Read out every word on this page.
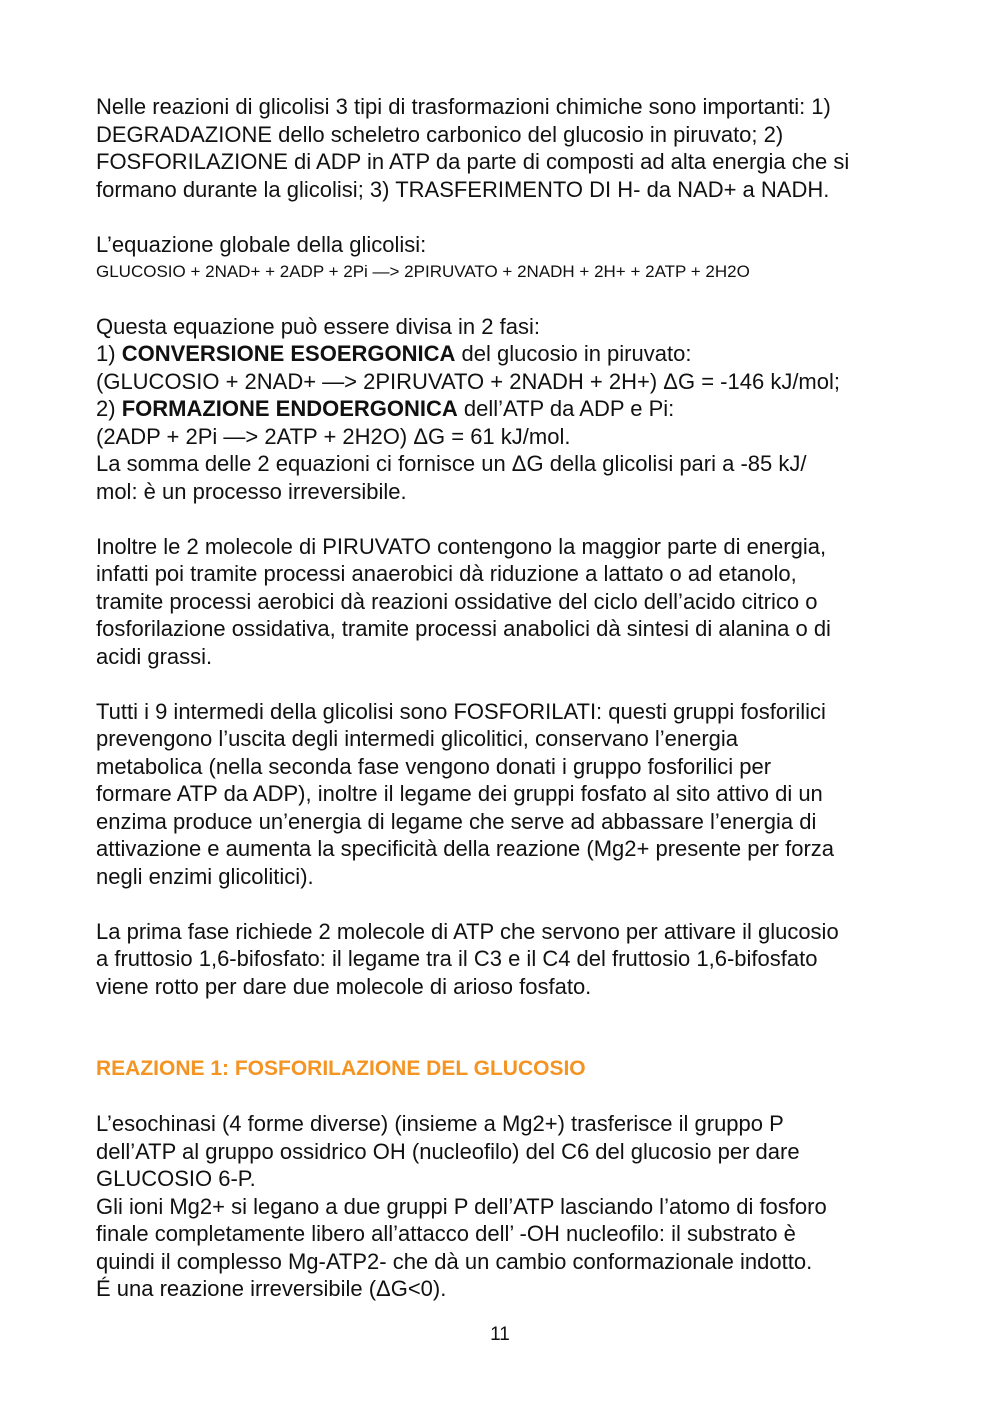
Nelle reazioni di glicolisi 3 tipi di trasformazioni chimiche sono importanti: 1)

DEGRADAZIONE dello scheletro carbonico del glucosio in piruvato; 2)

FOSFORILAZIONE di ADP in ATP da parte di composti ad alta energia che si

formano durante la glicolisi; 3) TRASFERIMENTO DI H- da NAD+ a NADH.

L’equazione globale della glicolisi:

GLUCOSIO + 2NAD+ + 2ADP + 2Pi —> 2PIRUVATO + 2NADH + 2H+ + 2ATP + 2H2O

Questa equazione può essere divisa in 2 fasi:

1) CONVERSIONE ESOERGONICA del glucosio in piruvato:

(GLUCOSIO + 2NAD+ —> 2PIRUVATO + 2NADH + 2H+) ΔG = -146 kJ/mol;

2) FORMAZIONE ENDOERGONICA dell’ATP da ADP e Pi:

(2ADP + 2Pi —> 2ATP + 2H2O) ΔG = 61 kJ/mol.

La somma delle 2 equazioni ci fornisce un ΔG della glicolisi pari a -85 kJ/

mol: è un processo irreversibile.

Inoltre le 2 molecole di PIRUVATO contengono la maggior parte di energia,

infatti poi tramite processi anaerobici dà riduzione a lattato o ad etanolo,

tramite processi aerobici dà reazioni ossidative del ciclo dell’acido citrico o

fosforilazione ossidativa, tramite processi anabolici dà sintesi di alanina o di

acidi grassi.

Tutti i 9 intermedi della glicolisi sono FOSFORILATI: questi gruppi fosforilici

prevengono l’uscita degli intermedi glicolitici, conservano l’energia

metabolica (nella seconda fase vengono donati i gruppo fosforilici per

formare ATP da ADP), inoltre il legame dei gruppi fosfato al sito attivo di un

enzima produce un’energia di legame che serve ad abbassare l’energia di

attivazione e aumenta la specificità della reazione (Mg2+ presente per forza

negli enzimi glicolitici).

La prima fase richiede 2 molecole di ATP che servono per attivare il glucosio

a fruttosio 1,6-bifosfato: il legame tra il C3 e il C4 del fruttosio 1,6-bifosfato

viene rotto per dare due molecole di arioso fosfato.

REAZIONE 1: FOSFORILAZIONE DEL GLUCOSIO

L’esochinasi (4 forme diverse) (insieme a Mg2+) trasferisce il gruppo P

dell’ATP al gruppo ossidrico OH (nucleofilo) del C6 del glucosio per dare

GLUCOSIO 6-P.

Gli ioni Mg2+ si legano a due gruppi P dell’ATP lasciando l’atomo di fosforo

finale completamente libero all’attacco dell’ -OH nucleofilo: il substrato è

quindi il complesso Mg-ATP2- che dà un cambio conformazionale indotto.

É una reazione irreversibile (ΔG<0).

11
